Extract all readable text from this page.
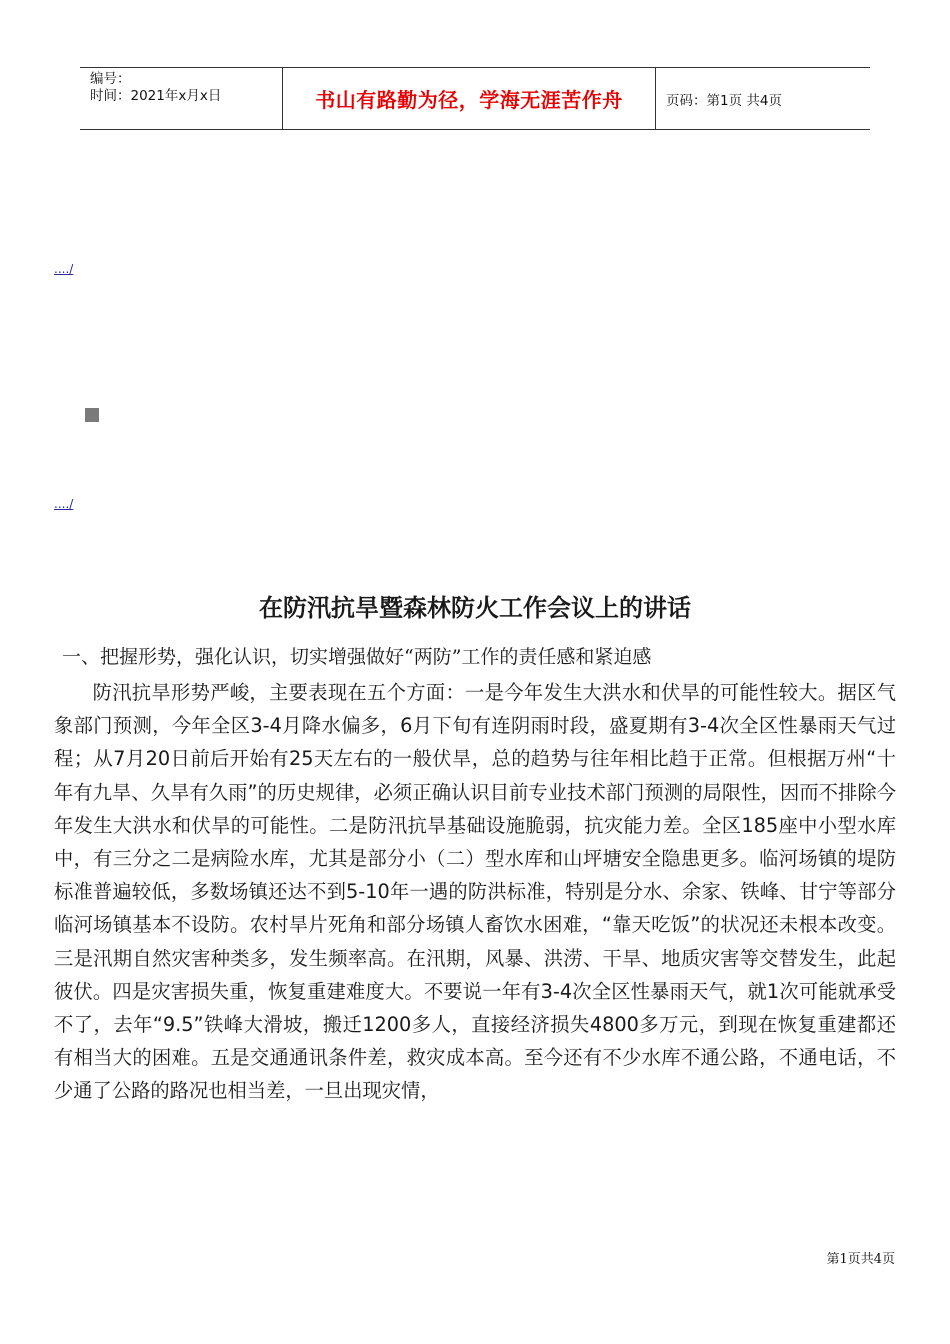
编号：
时间：2021年x月x日	书山有路勤为径，学海无涯苦作舟	页码：第1页 共4页
..../
..../
在防汛抗旱暨森林防火工作会议上的讲话
一、把握形势，强化认识，切实增强做好“两防”工作的责任感和紧迫感
防汛抗旱形势严峻，主要表现在五个方面：一是今年发生大洪水和伏旱的可能性较大。据区气象部门预测，今年全区3-4月降水偏多，6月下旬有连阴雨时段，盛夏期有3-4次全区性暴雨天气过程；从7月20日前后开始有25天左右的一般伏旱，总的趋势与往年相比趋于正常。但根据万州“十年有九旱、久旱有久雨”的历史规律，必须正确认识目前专业技术部门预测的局限性，因而不排除今年发生大洪水和伏旱的可能性。二是防汛抗旱基础设施脆弱，抗灾能力差。全区185座中小型水库中，有三分之二是病险水库，尤其是部分小（二）型水库和山坪塘安全隐患更多。临河场镇的堤防标准普遍较低，多数场镇还达不到5-10年一遇的防洪标准，特别是分水、余家、铁峰、甘宁等部分临河场镇基本不设防。农村旱片死角和部分场镇人畜饮水困难，“靠天吃饭”的状况还未根本改变。三是汛期自然灾害种类多，发生频率高。在汛期，风暴、洪涝、干旱、地质灾害等交替发生，此起彼伏。四是灾害损失重，恢复重建难度大。不要说一年有3-4次全区性暴雨天气，就1次可能就承受不了，去年“9.5”铁峰大滑坡，搬迁1200多人，直接经济损失4800多万元，到现在恢复重建都还有相当大的困难。五是交通通讯条件差，救灾成本高。至今还有不少水库不通公路，不通电话，不少通了公路的路况也相当差，一旦出现灾情，
第1页共4页
